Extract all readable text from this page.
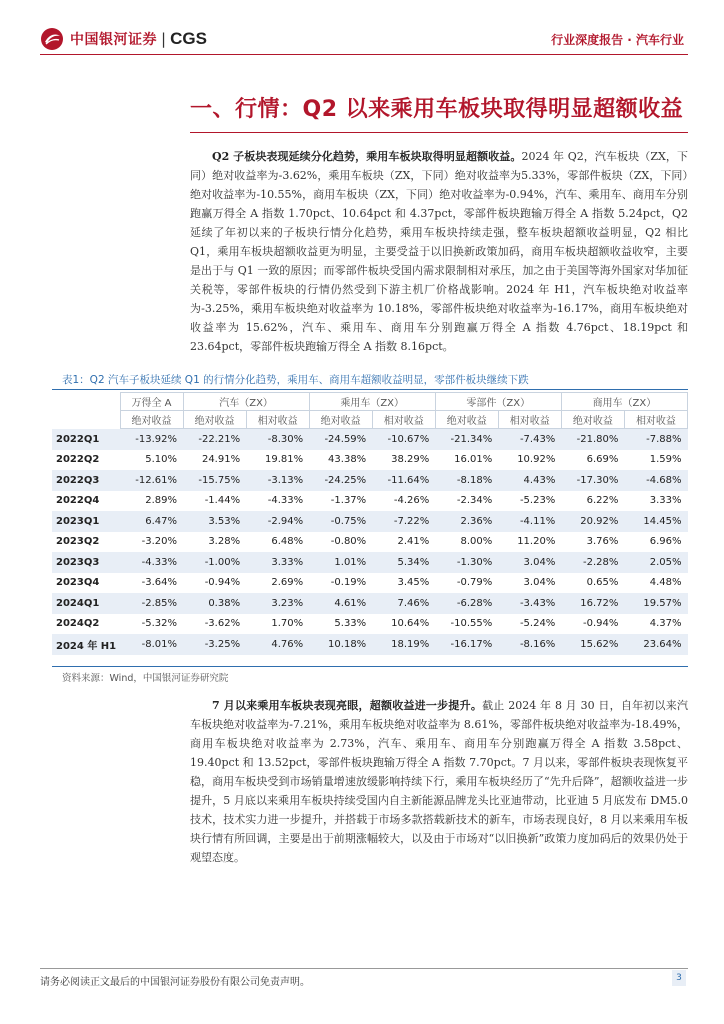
中国银河证券 | CGS	行业深度报告 · 汽车行业
一、行情：Q2 以来乘用车板块取得明显超额收益
Q2 子板块表现延续分化趋势，乘用车板块取得明显超额收益。2024 年 Q2，汽车板块（ZX，下同）绝对收益率为-3.62%，乘用车板块（ZX，下同）绝对收益率为5.33%，零部件板块（ZX，下同）绝对收益率为-10.55%，商用车板块（ZX，下同）绝对收益率为-0.94%，汽车、乘用车、商用车分别跑赢万得全 A 指数 1.70pct、10.64pct 和 4.37pct，零部件板块跑输万得全 A 指数 5.24pct，Q2 延续了年初以来的子板块行情分化趋势，乘用车板块持续走强，整车板块超额收益明显，Q2 相比 Q1，乘用车板块超额收益更为明显，主要受益于以旧换新政策加码，商用车板块超额收益收窄，主要是出于与 Q1 一致的原因；而零部件板块受国内需求限制相对承压，加之由于美国等海外国家对华加征关税等，零部件板块的行情仍然受到下游主机厂价格战影响。2024 年 H1，汽车板块绝对收益率为-3.25%，乘用车板块绝对收益率为 10.18%，零部件板块绝对收益率为-16.17%，商用车板块绝对收益率为 15.62%，汽车、乘用车、商用车分别跑赢万得全 A 指数 4.76pct、18.19pct 和 23.64pct，零部件板块跑输万得全 A 指数 8.16pct。
表1：Q2 汽车子板块延续 Q1 的行情分化趋势，乘用车、商用车超额收益明显，零部件板块继续下跌
	万得全 A	汽车（ZX）		乘用车（ZX）		零部件（ZX）		商用车（ZX）	
	绝对收益	绝对收益	相对收益	绝对收益	相对收益	绝对收益	相对收益	绝对收益	相对收益
2022Q1	-13.92%	-22.21%	-8.30%	-24.59%	-10.67%	-21.34%	-7.43%	-21.80%	-7.88%
2022Q2	5.10%	24.91%	19.81%	43.38%	38.29%	16.01%	10.92%	6.69%	1.59%
2022Q3	-12.61%	-15.75%	-3.13%	-24.25%	-11.64%	-8.18%	4.43%	-17.30%	-4.68%
2022Q4	2.89%	-1.44%	-4.33%	-1.37%	-4.26%	-2.34%	-5.23%	6.22%	3.33%
2023Q1	6.47%	3.53%	-2.94%	-0.75%	-7.22%	2.36%	-4.11%	20.92%	14.45%
2023Q2	-3.20%	3.28%	6.48%	-0.80%	2.41%	8.00%	11.20%	3.76%	6.96%
2023Q3	-4.33%	-1.00%	3.33%	1.01%	5.34%	-1.30%	3.04%	-2.28%	2.05%
2023Q4	-3.64%	-0.94%	2.69%	-0.19%	3.45%	-0.79%	3.04%	0.65%	4.48%
2024Q1	-2.85%	0.38%	3.23%	4.61%	7.46%	-6.28%	-3.43%	16.72%	19.57%
2024Q2	-5.32%	-3.62%	1.70%	5.33%	10.64%	-10.55%	-5.24%	-0.94%	4.37%
2024 年 H1	-8.01%	-3.25%	4.76%	10.18%	18.19%	-16.17%	-8.16%	15.62%	23.64%
资料来源：Wind，中国银河证券研究院
7 月以来乘用车板块表现亮眼，超额收益进一步提升。截止 2024 年 8 月 30 日，自年初以来汽车板块绝对收益率为-7.21%，乘用车板块绝对收益率为 8.61%，零部件板块绝对收益率为-18.49%，商用车板块绝对收益率为 2.73%，汽车、乘用车、商用车分别跑赢万得全 A 指数 3.58pct、19.40pct 和 13.52pct，零部件板块跑输万得全 A 指数 7.70pct。7 月以来，零部件板块表现恢复平稳，商用车板块受到市场销量增速放缓影响持续下行，乘用车板块经历了“先升后降”，超额收益进一步提升，5 月底以来乘用车板块持续受国内自主新能源品牌龙头比亚迪带动，比亚迪 5 月底发布 DM5.0 技术，技术实力进一步提升，并搭载于市场多款搭载新技术的新车，市场表现良好，8 月以来乘用车板块行情有所回调，主要是出于前期涨幅较大，以及由于市场对“以旧换新”政策力度加码后的效果仍处于观望态度。
请务必阅读正文最后的中国银河证券股份有限公司免责声明。	3
